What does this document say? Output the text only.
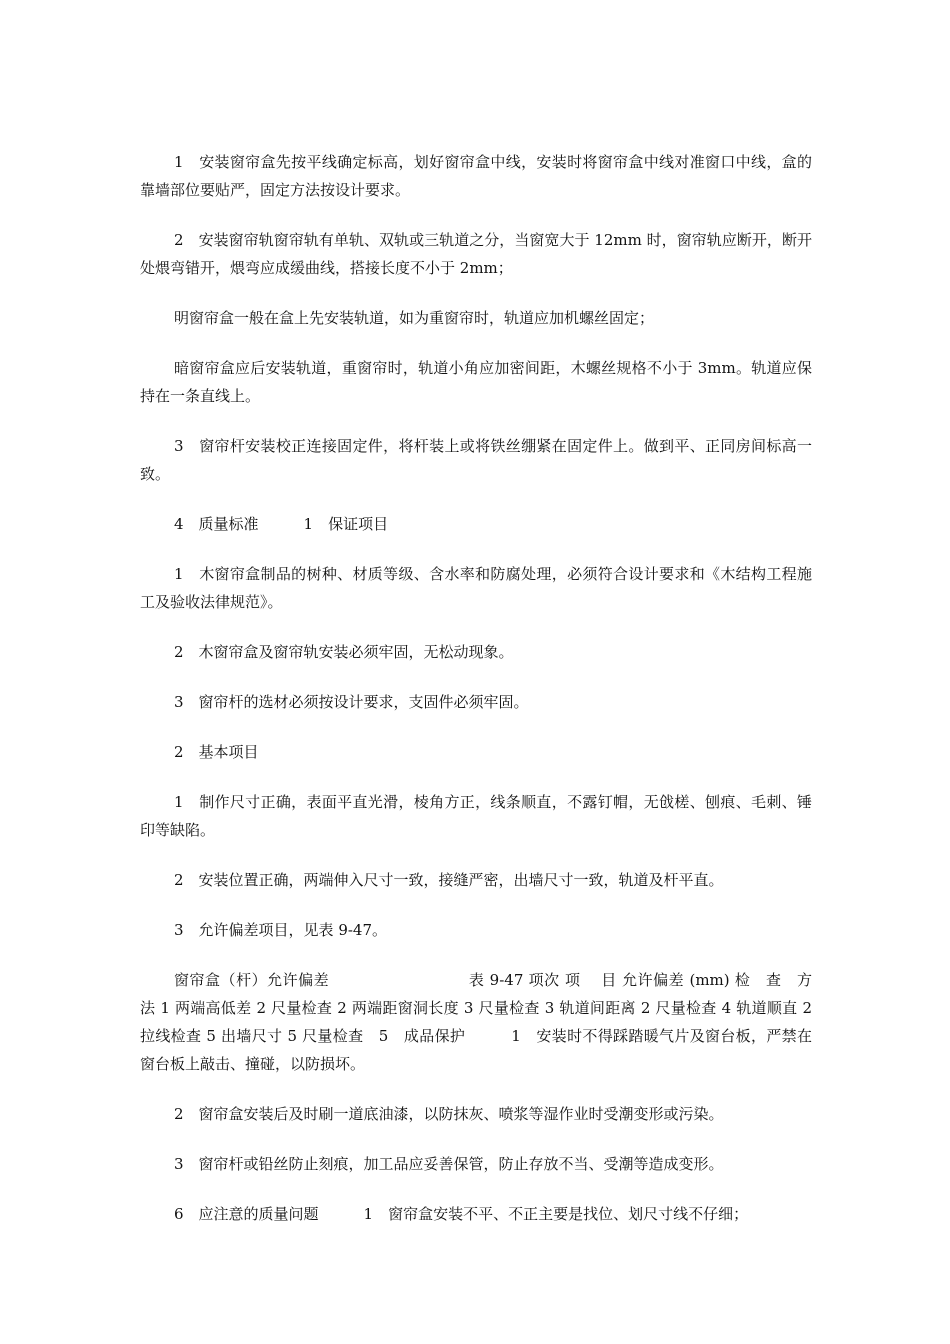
1　安装窗帘盒先按平线确定标高，划好窗帘盒中线，安装时将窗帘盒中线对准窗口中线，盒的靠墙部位要贴严，固定方法按设计要求。

2　安装窗帘轨窗帘轨有单轨、双轨或三轨道之分，当窗宽大于 12mm 时，窗帘轨应断开，断开处煨弯错开，煨弯应成缓曲线，搭接长度不小于 2mm；

明窗帘盒一般在盒上先安装轨道，如为重窗帘时，轨道应加机螺丝固定；

暗窗帘盒应后安装轨道，重窗帘时，轨道小角应加密间距，木螺丝规格不小于 3mm。轨道应保持在一条直线上。

3　窗帘杆安装校正连接固定件，将杆装上或将铁丝绷紧在固定件上。做到平、正同房间标高一致。

4　质量标准　　　1　保证项目

1　木窗帘盒制品的树种、材质等级、含水率和防腐处理，必须符合设计要求和《木结构工程施工及验收法律规范》。

2　木窗帘盒及窗帘轨安装必须牢固，无松动现象。

3　窗帘杆的选材必须按设计要求，支固件必须牢固。

2　基本项目

1　制作尺寸正确，表面平直光滑，棱角方正，线条顺直，不露钉帽，无戗槎、刨痕、毛刺、锤印等缺陷。

2　安装位置正确，两端伸入尺寸一致，接缝严密，出墙尺寸一致，轨道及杆平直。

3　允许偏差项目，见表 9-47。

窗帘盒（杆）允许偏差　　　　　　　　　表 9-47 项次 项　 目 允许偏差 (mm) 检　查　方　法 1 两端高低差 2 尺量检查 2 两端距窗洞长度 3 尺量检查 3 轨道间距离 2 尺量检查 4 轨道顺直 2 拉线检查 5 出墙尺寸 5 尺量检查　5　成品保护　　　1　安装时不得踩踏暖气片及窗台板，严禁在窗台板上敲击、撞碰，以防损坏。

2　窗帘盒安装后及时刷一道底油漆，以防抹灰、喷浆等湿作业时受潮变形或污染。

3　窗帘杆或铅丝防止刻痕，加工品应妥善保管，防止存放不当、受潮等造成变形。

6　应注意的质量问题　　　1　窗帘盒安装不平、不正主要是找位、划尺寸线不仔细；
